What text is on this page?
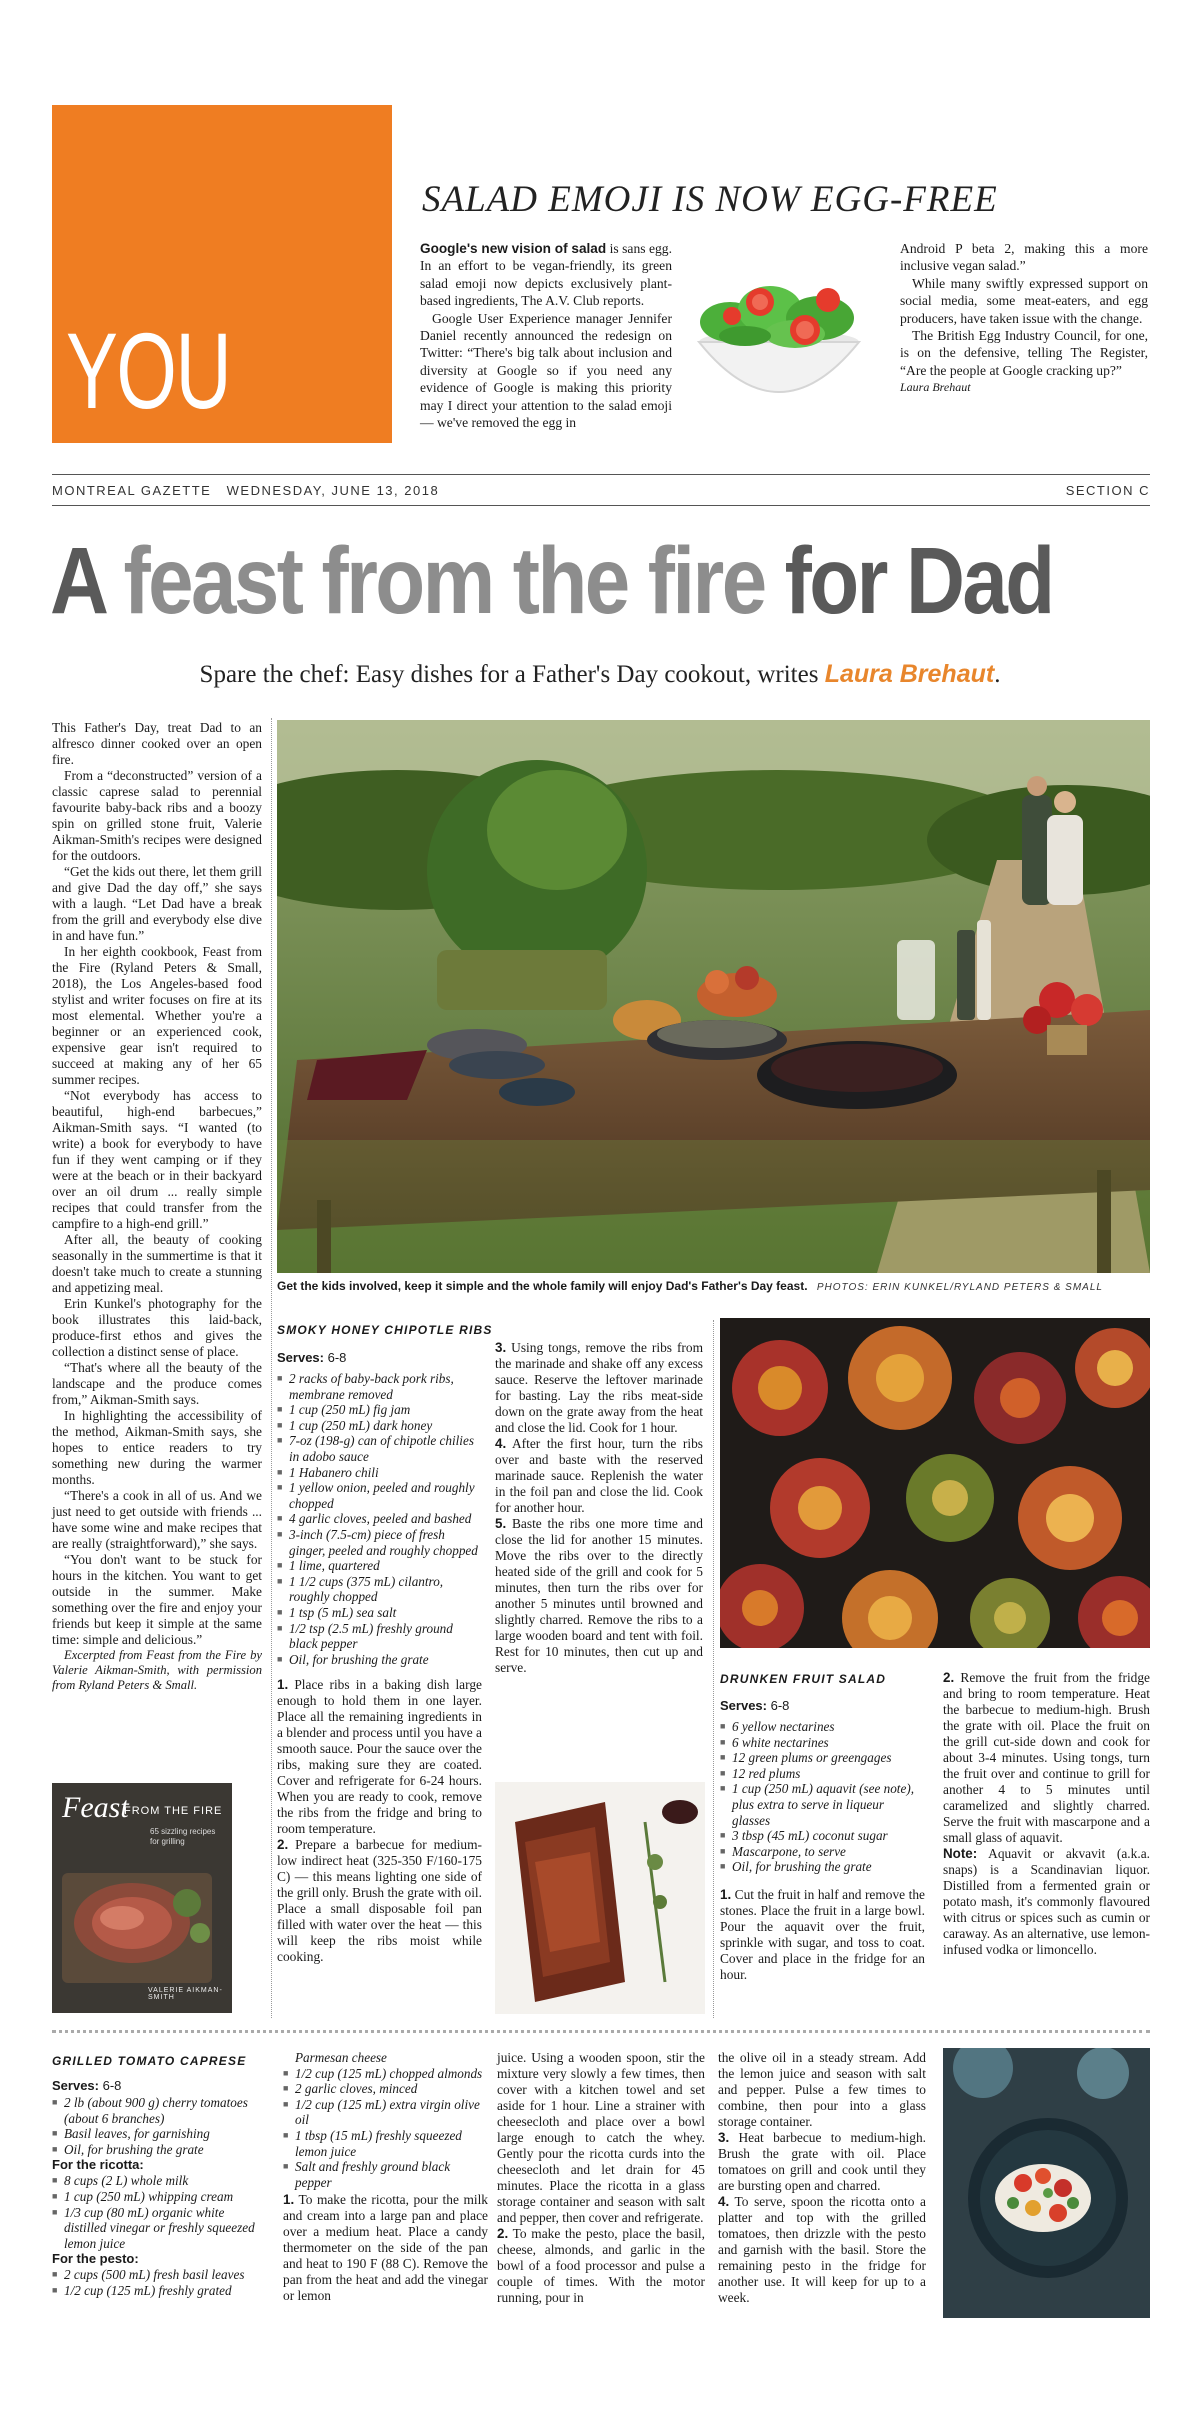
YOU
SALAD EMOJI IS NOW EGG-FREE

Google's new vision of salad is sans egg. In an effort to be vegan-friendly, its green salad emoji now depicts exclusively plant-based ingredients, The A.V. Club reports.

Google User Experience manager Jennifer Daniel recently announced the redesign on Twitter: “There's big talk about inclusion and diversity at Google so if you need any evidence of Google is making this priority may I direct your attention to the salad emoji — we've removed the egg in

Android P beta 2, making this a more inclusive vegan salad.”

While many swiftly expressed support on social media, some meat-eaters, and egg producers, have taken issue with the change.

The British Egg Industry Council, for one, is on the defensive, telling The Register, “Are the people at Google cracking up?”

Laura Brehaut

MONTREAL GAZETTE   WEDNESDAY, JUNE 13, 2018	SECTION C
A feast from the fire for Dad
Spare the chef: Easy dishes for a Father's Day cookout, writes Laura Brehaut.

This Father's Day, treat Dad to an alfresco dinner cooked over an open fire.

From a “deconstructed” version of a classic caprese salad to perennial favourite baby-back ribs and a boozy spin on grilled stone fruit, Valerie Aikman-Smith's recipes were designed for the outdoors.

“Get the kids out there, let them grill and give Dad the day off,” she says with a laugh. “Let Dad have a break from the grill and everybody else dive in and have fun.”

In her eighth cookbook, Feast from the Fire (Ryland Peters & Small, 2018), the Los Angeles-based food stylist and writer focuses on fire at its most elemental. Whether you're a beginner or an experienced cook, expensive gear isn't required to succeed at making any of her 65 summer recipes.

“Not everybody has access to beautiful, high-end barbecues,” Aikman-Smith says. “I wanted (to write) a book for everybody to have fun if they went camping or if they were at the beach or in their backyard over an oil drum ... really simple recipes that could transfer from the campfire to a high-end grill.”

After all, the beauty of cooking seasonally in the summertime is that it doesn't take much to create a stunning and appetizing meal.

Erin Kunkel's photography for the book illustrates this laid-back, produce-first ethos and gives the collection a distinct sense of place.

“That's where all the beauty of the landscape and the produce comes from,” Aikman-Smith says.

In highlighting the accessibility of the method, Aikman-Smith says, she hopes to entice readers to try something new during the warmer months.

“There's a cook in all of us. And we just need to get outside with friends ... have some wine and make recipes that are really (straightforward),” she says.

“You don't want to be stuck for hours in the kitchen. You want to get outside in the summer. Make something over the fire and enjoy your friends but keep it simple at the same time: simple and delicious.”

Excerpted from Feast from the Fire by Valerie Aikman-Smith, with permission from Ryland Peters & Small.

Feast
FROM THE FIRE
65 sizzling recipes for grilling
VALERIE AIKMAN-SMITH
Get the kids involved, keep it simple and the whole family will enjoy Dad's Father's Day feast. PHOTOS: ERIN KUNKEL/RYLAND PETERS & SMALL
SMOKY HONEY CHIPOTLE RIBS
Serves: 6-8
■ 2 racks of baby-back pork ribs, membrane removed
■ 1 cup (250 mL) fig jam
■ 1 cup (250 mL) dark honey
■ 7-oz (198-g) can of chipotle chilies in adobo sauce
■ 1 Habanero chili
■ 1 yellow onion, peeled and roughly chopped
■ 4 garlic cloves, peeled and bashed
■ 3-inch (7.5-cm) piece of fresh ginger, peeled and roughly chopped
■ 1 lime, quartered
■ 1 1/2 cups (375 mL) cilantro, roughly chopped
■ 1 tsp (5 mL) sea salt
■ 1/2 tsp (2.5 mL) freshly ground black pepper
■ Oil, for brushing the grate

1. Place ribs in a baking dish large enough to hold them in one layer. Place all the remaining ingredients in a blender and process until you have a smooth sauce. Pour the sauce over the ribs, making sure they are coated. Cover and refrigerate for 6-24 hours. When you are ready to cook, remove the ribs from the fridge and bring to room temperature.

2. Prepare a barbecue for medium-low indirect heat (325-350 F/160-175 C) — this means lighting one side of the grill only. Brush the grate with oil. Place a small disposable foil pan filled with water over the heat — this will keep the ribs moist while cooking.

3. Using tongs, remove the ribs from the marinade and shake off any excess sauce. Reserve the leftover marinade for basting. Lay the ribs meat-side down on the grate away from the heat and close the lid. Cook for 1 hour.

4. After the first hour, turn the ribs over and baste with the reserved marinade sauce. Replenish the water in the foil pan and close the lid. Cook for another hour.

5. Baste the ribs one more time and close the lid for another 15 minutes. Move the ribs over to the directly heated side of the grill and cook for 5 minutes, then turn the ribs over for another 5 minutes until browned and slightly charred. Remove the ribs to a large wooden board and tent with foil. Rest for 10 minutes, then cut up and serve.

DRUNKEN FRUIT SALAD
Serves: 6-8
■ 6 yellow nectarines
■ 6 white nectarines
■ 12 green plums or greengages
■ 12 red plums
■ 1 cup (250 mL) aquavit (see note), plus extra to serve in liqueur glasses
■ 3 tbsp (45 mL) coconut sugar
■ Mascarpone, to serve
■ Oil, for brushing the grate

1. Cut the fruit in half and remove the stones. Place the fruit in a large bowl. Pour the aquavit over the fruit, sprinkle with sugar, and toss to coat. Cover and place in the fridge for an hour.

2. Remove the fruit from the fridge and bring to room temperature. Heat the barbecue to medium-high. Brush the grate with oil. Place the fruit on the grill cut-side down and cook for about 3-4 minutes. Using tongs, turn the fruit over and continue to grill for another 4 to 5 minutes until caramelized and slightly charred. Serve the fruit with mascarpone and a small glass of aquavit.

Note: Aquavit or akvavit (a.k.a. snaps) is a Scandinavian liquor. Distilled from a fermented grain or potato mash, it's commonly flavoured with citrus or spices such as cumin or caraway. As an alternative, use lemon-infused vodka or limoncello.

GRILLED TOMATO CAPRESE
Serves: 6-8
■ 2 lb (about 900 g) cherry tomatoes (about 6 branches)
■ Basil leaves, for garnishing
■ Oil, for brushing the grate
For the ricotta:
■ 8 cups (2 L) whole milk
■ 1 cup (250 mL) whipping cream
■ 1/3 cup (80 mL) organic white distilled vinegar or freshly squeezed lemon juice
For the pesto:
■ 2 cups (500 mL) fresh basil leaves
■ 1/2 cup (125 mL) freshly grated
Parmesan cheese
■ 1/2 cup (125 mL) chopped almonds
■ 2 garlic cloves, minced
■ 1/2 cup (125 mL) extra virgin olive oil
■ 1 tbsp (15 mL) freshly squeezed lemon juice
■ Salt and freshly ground black pepper

1. To make the ricotta, pour the milk and cream into a large pan and place over a medium heat. Place a candy thermometer on the side of the pan and heat to 190 F (88 C). Remove the pan from the heat and add the vinegar or lemon

juice. Using a wooden spoon, stir the mixture very slowly a few times, then cover with a kitchen towel and set aside for 1 hour. Line a strainer with cheesecloth and place over a bowl large enough to catch the whey. Gently pour the ricotta curds into the cheesecloth and let drain for 45 minutes. Place the ricotta in a glass storage container and season with salt and pepper, then cover and refrigerate.

2. To make the pesto, place the basil, cheese, almonds, and garlic in the bowl of a food processor and pulse a couple of times. With the motor running, pour in

the olive oil in a steady stream. Add the lemon juice and season with salt and pepper. Pulse a few times to combine, then pour into a glass storage container.

3. Heat barbecue to medium-high. Brush the grate with oil. Place tomatoes on grill and cook until they are bursting open and charred.

4. To serve, spoon the ricotta onto a platter and top with the grilled tomatoes, then drizzle with the pesto and garnish with the basil. Store the remaining pesto in the fridge for another use. It will keep for up to a week.
